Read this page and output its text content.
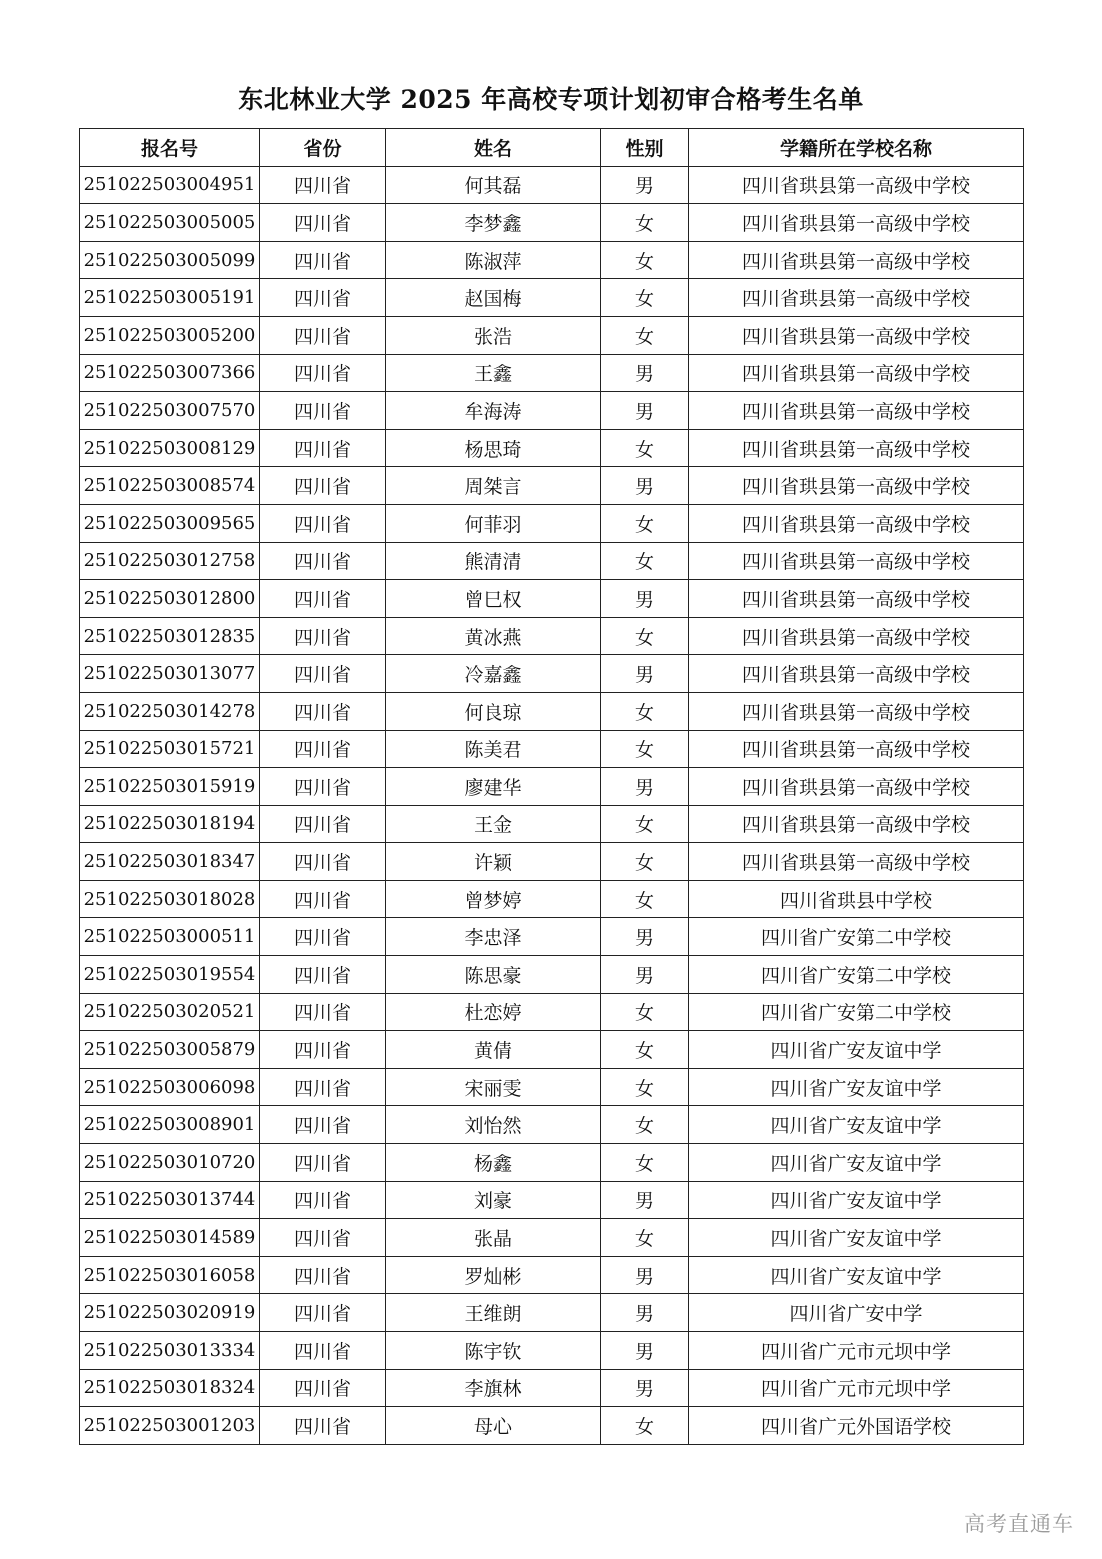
东北林业大学 2025 年高校专项计划初审合格考生名单
报名号	省份	姓名	性别	学籍所在学校名称
251022503004951	四川省	何其磊	男	四川省珙县第一高级中学校
251022503005005	四川省	李梦鑫	女	四川省珙县第一高级中学校
251022503005099	四川省	陈淑萍	女	四川省珙县第一高级中学校
251022503005191	四川省	赵国梅	女	四川省珙县第一高级中学校
251022503005200	四川省	张浩	女	四川省珙县第一高级中学校
251022503007366	四川省	王鑫	男	四川省珙县第一高级中学校
251022503007570	四川省	牟海涛	男	四川省珙县第一高级中学校
251022503008129	四川省	杨思琦	女	四川省珙县第一高级中学校
251022503008574	四川省	周桀言	男	四川省珙县第一高级中学校
251022503009565	四川省	何菲羽	女	四川省珙县第一高级中学校
251022503012758	四川省	熊清清	女	四川省珙县第一高级中学校
251022503012800	四川省	曾巳权	男	四川省珙县第一高级中学校
251022503012835	四川省	黄冰燕	女	四川省珙县第一高级中学校
251022503013077	四川省	冷嘉鑫	男	四川省珙县第一高级中学校
251022503014278	四川省	何良琼	女	四川省珙县第一高级中学校
251022503015721	四川省	陈美君	女	四川省珙县第一高级中学校
251022503015919	四川省	廖建华	男	四川省珙县第一高级中学校
251022503018194	四川省	王金	女	四川省珙县第一高级中学校
251022503018347	四川省	许颖	女	四川省珙县第一高级中学校
251022503018028	四川省	曾梦婷	女	四川省珙县中学校
251022503000511	四川省	李忠泽	男	四川省广安第二中学校
251022503019554	四川省	陈思豪	男	四川省广安第二中学校
251022503020521	四川省	杜恋婷	女	四川省广安第二中学校
251022503005879	四川省	黄倩	女	四川省广安友谊中学
251022503006098	四川省	宋丽雯	女	四川省广安友谊中学
251022503008901	四川省	刘怡然	女	四川省广安友谊中学
251022503010720	四川省	杨鑫	女	四川省广安友谊中学
251022503013744	四川省	刘豪	男	四川省广安友谊中学
251022503014589	四川省	张晶	女	四川省广安友谊中学
251022503016058	四川省	罗灿彬	男	四川省广安友谊中学
251022503020919	四川省	王维朗	男	四川省广安中学
251022503013334	四川省	陈宇钦	男	四川省广元市元坝中学
251022503018324	四川省	李旗林	男	四川省广元市元坝中学
251022503001203	四川省	母心	女	四川省广元外国语学校
高考直通车
